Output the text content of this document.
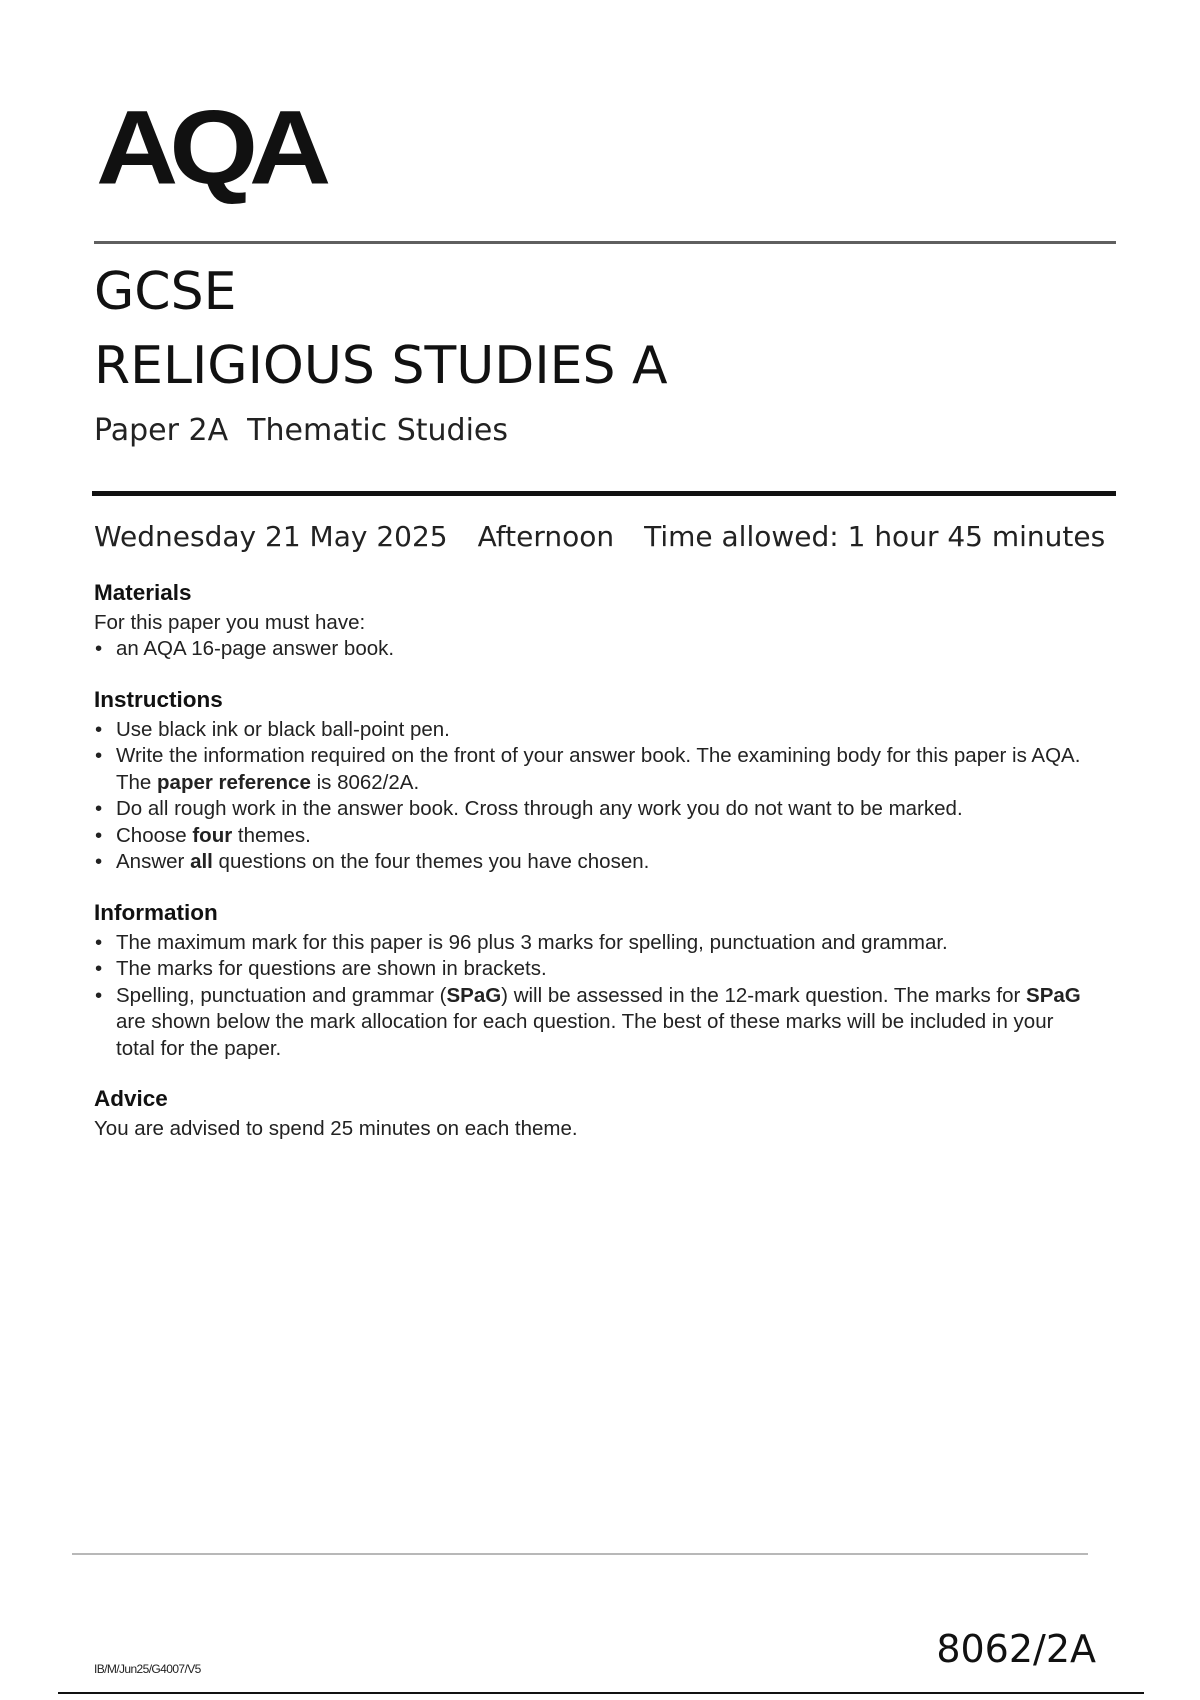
AQA
GCSE
RELIGIOUS STUDIES A
Paper 2A  Thematic Studies
Wednesday 21 May 2025 Afternoon Time allowed: 1 hour 45 minutes
Materials

For this paper you must have:

• an AQA 16-page answer book.
Instructions
• Use black ink or black ball-point pen.
• Write the information required on the front of your answer book. The examining body for this paper is AQA. The paper reference is 8062/2A.
• Do all rough work in the answer book. Cross through any work you do not want to be marked.
• Choose four themes.
• Answer all questions on the four themes you have chosen.
Information
• The maximum mark for this paper is 96 plus 3 marks for spelling, punctuation and grammar.
• The marks for questions are shown in brackets.
• Spelling, punctuation and grammar (SPaG) will be assessed in the 12-mark question. The marks for SPaG are shown below the mark allocation for each question. The best of these marks will be included in your total for the paper.
Advice

You are advised to spend 25 minutes on each theme.

IB/M/Jun25/G4007/V5	8062/2A
